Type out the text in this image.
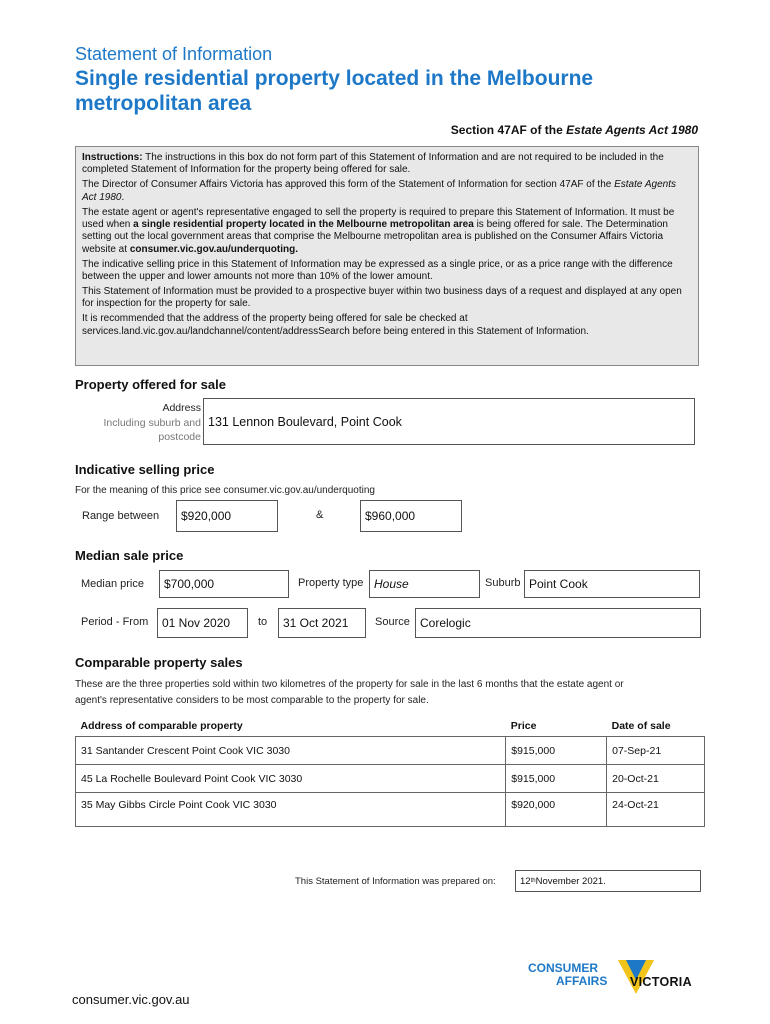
Statement of Information
Single residential property located in the Melbourne metropolitan area
Section 47AF of the Estate Agents Act 1980

Instructions: The instructions in this box do not form part of this Statement of Information and are not required to be included in the completed Statement of Information for the property being offered for sale.

The Director of Consumer Affairs Victoria has approved this form of the Statement of Information for section 47AF of the Estate Agents Act 1980.

The estate agent or agent's representative engaged to sell the property is required to prepare this Statement of Information. It must be used when a single residential property located in the Melbourne metropolitan area is being offered for sale. The Determination setting out the local government areas that comprise the Melbourne metropolitan area is published on the Consumer Affairs Victoria website at consumer.vic.gov.au/underquoting.

The indicative selling price in this Statement of Information may be expressed as a single price, or as a price range with the difference between the upper and lower amounts not more than 10% of the lower amount.

This Statement of Information must be provided to a prospective buyer within two business days of a request and displayed at any open for inspection for the property for sale.

It is recommended that the address of the property being offered for sale be checked at services.land.vic.gov.au/landchannel/content/addressSearch before being entered in this Statement of Information.

Property offered for sale
Address
Including suburb and
postcode
131 Lennon Boulevard, Point Cook
Indicative selling price
For the meaning of this price see consumer.vic.gov.au/underquoting
Range between	$920,000	&	$960,000
Median sale price
Median price	$700,000	Property type House	Suburb Point Cook
Period - From	01 Nov 2020	to	31 Oct 2021	Source Corelogic
Comparable property sales
These are the three properties sold within two kilometres of the property for sale in the last 6 months that the estate agent or agent's representative considers to be most comparable to the property for sale.
Address of comparable property	Price	Date of sale
31 Santander Crescent Point Cook VIC 3030	$915,000	07-Sep-21
45 La Rochelle Boulevard Point Cook VIC 3030	$915,000	20-Oct-21
35 May Gibbs Circle Point Cook VIC 3030	$920,000	24-Oct-21
This Statement of Information was prepared on:	12 th November 2021.
consumer.vic.gov.au
CONSUMER
AFFAIRS VICTORIA
